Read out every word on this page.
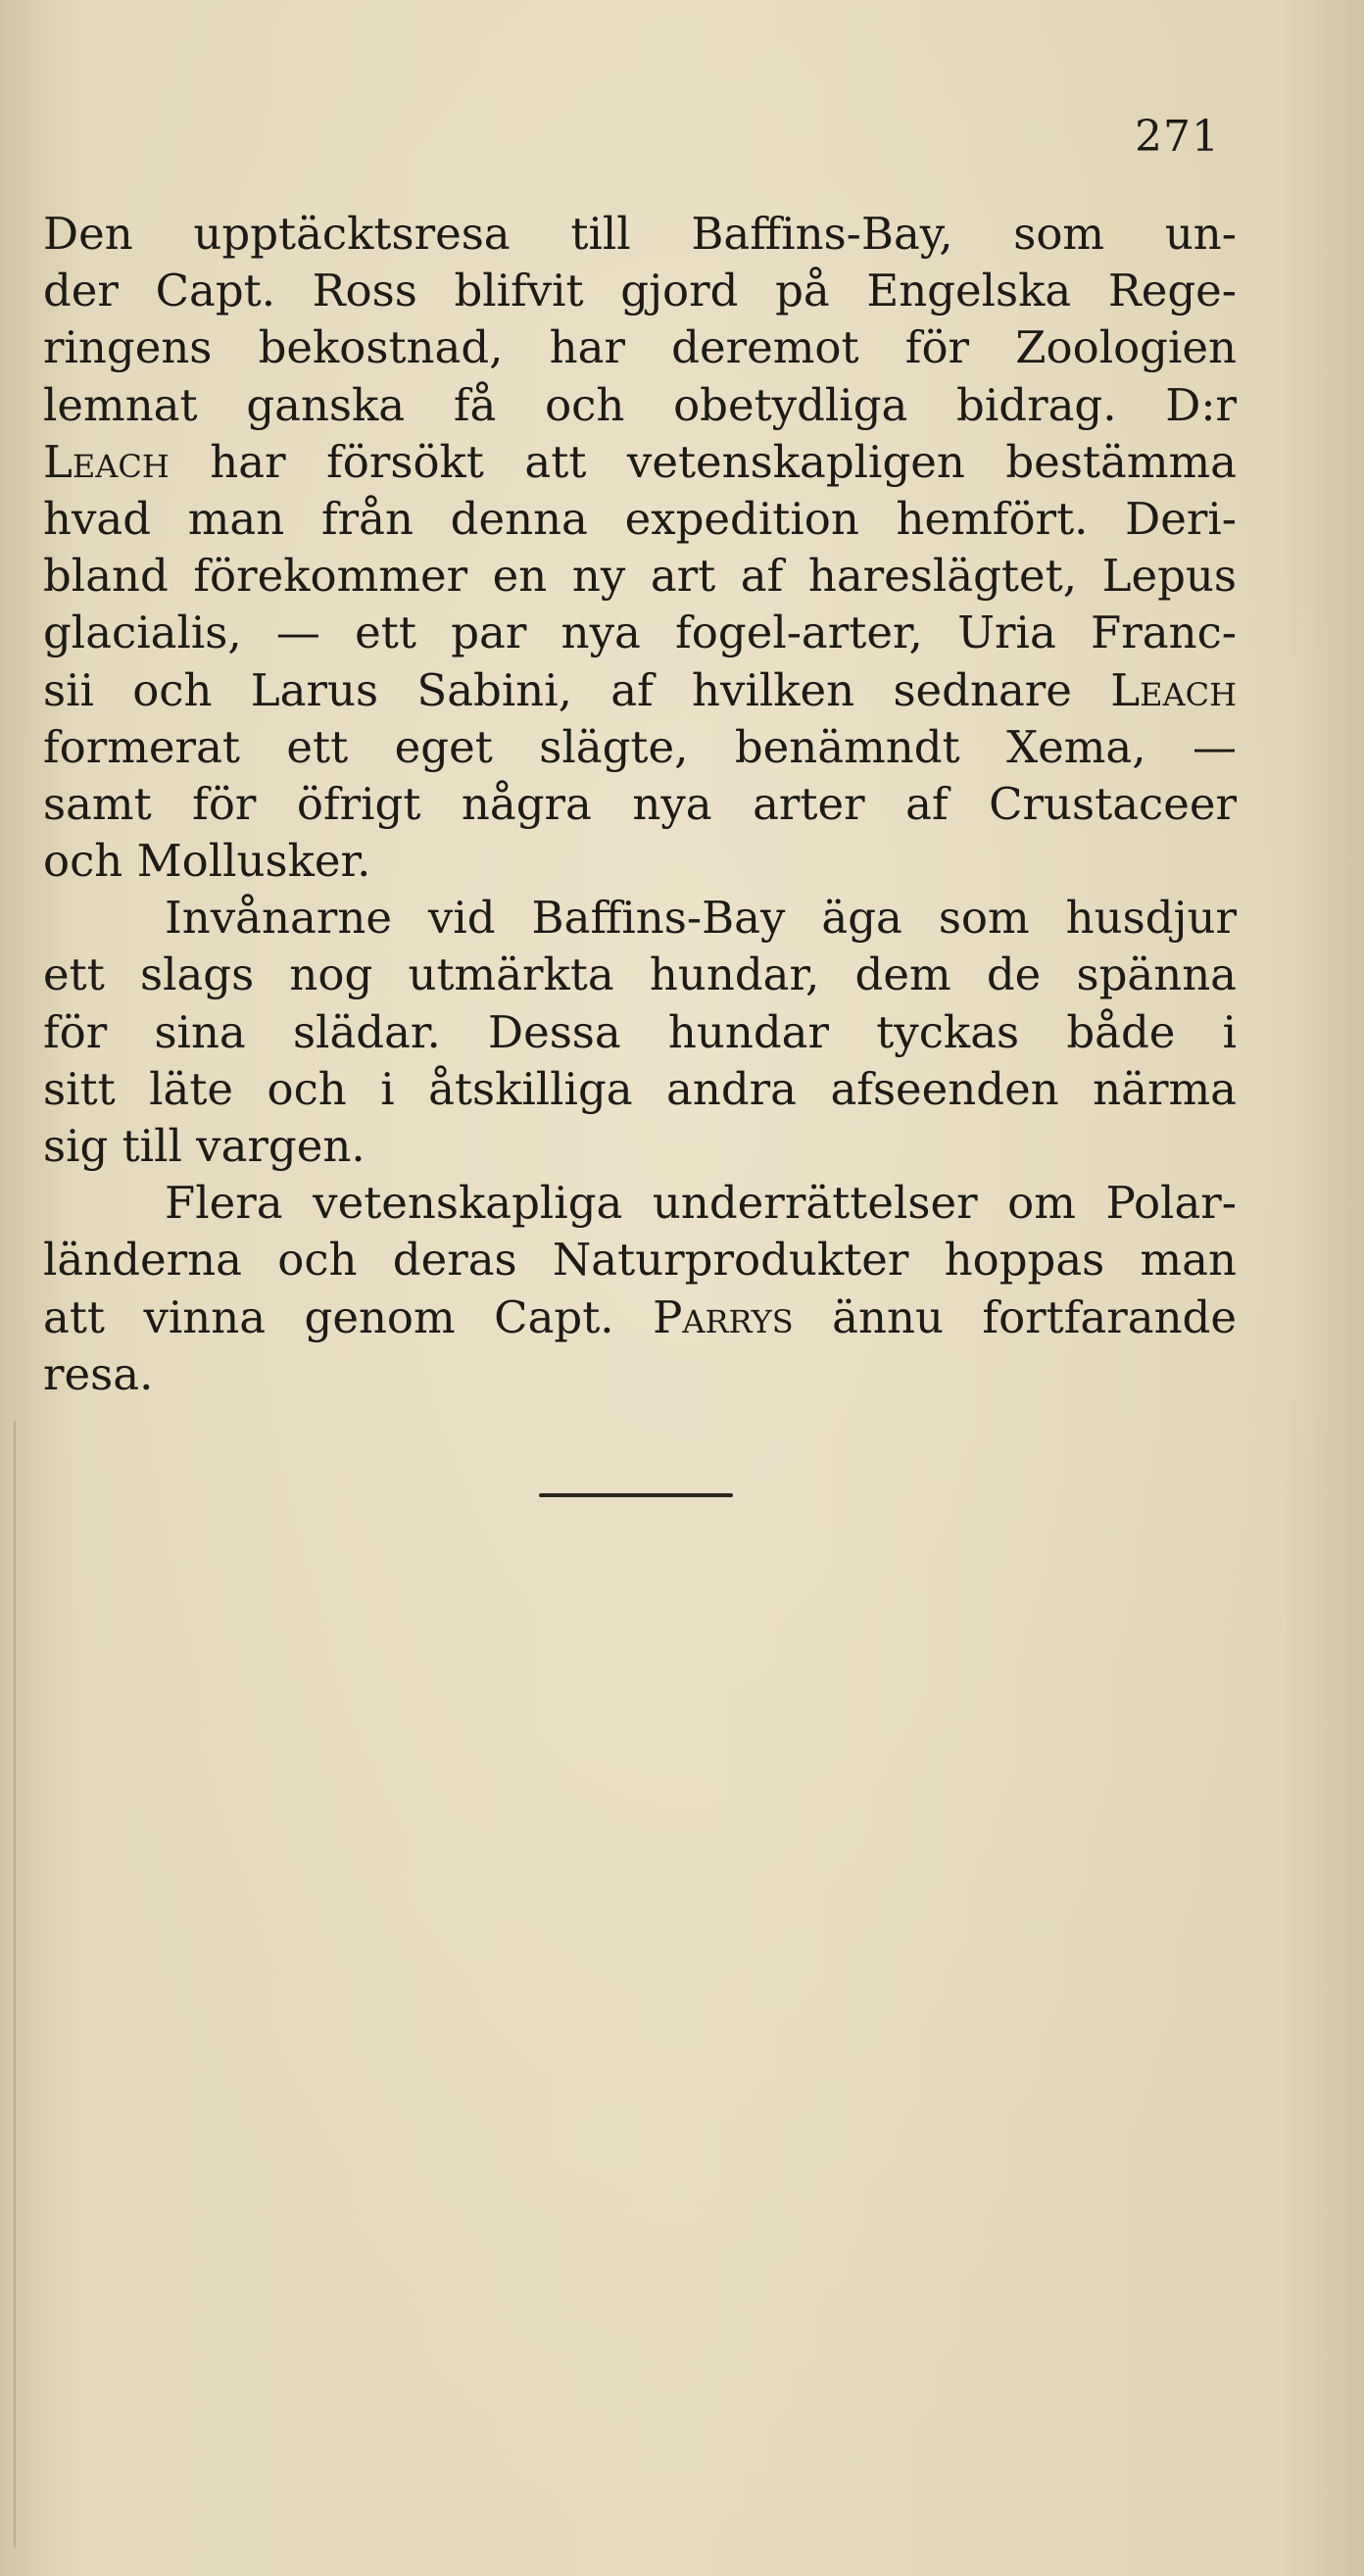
271
Den upptäcktsresa till Baffins-Bay, som un-
der Capt. Ross blifvit gjord på Engelska Rege-
ringens bekostnad, har deremot för Zoologien
lemnat ganska få och obetydliga bidrag. D:r
Leach har försökt att vetenskapligen bestämma
hvad man från denna expedition hemfört. Deri-
bland förekommer en ny art af hareslägtet, Lepus
glacialis, — ett par nya fogel-arter, Uria Franc-
sii och Larus Sabini, af hvilken sednare Leach
formerat ett eget slägte, benämndt Xema, —
samt för öfrigt några nya arter af Crustaceer
och Mollusker.
Invånarne vid Baffins-Bay äga som husdjur
ett slags nog utmärkta hundar, dem de spänna
för sina slädar. Dessa hundar tyckas både i
sitt läte och i åtskilliga andra afseenden närma
sig till vargen.
Flera vetenskapliga underrättelser om Polar-
länderna och deras Naturprodukter hoppas man
att vinna genom Capt. Parrys ännu fortfarande
resa.
